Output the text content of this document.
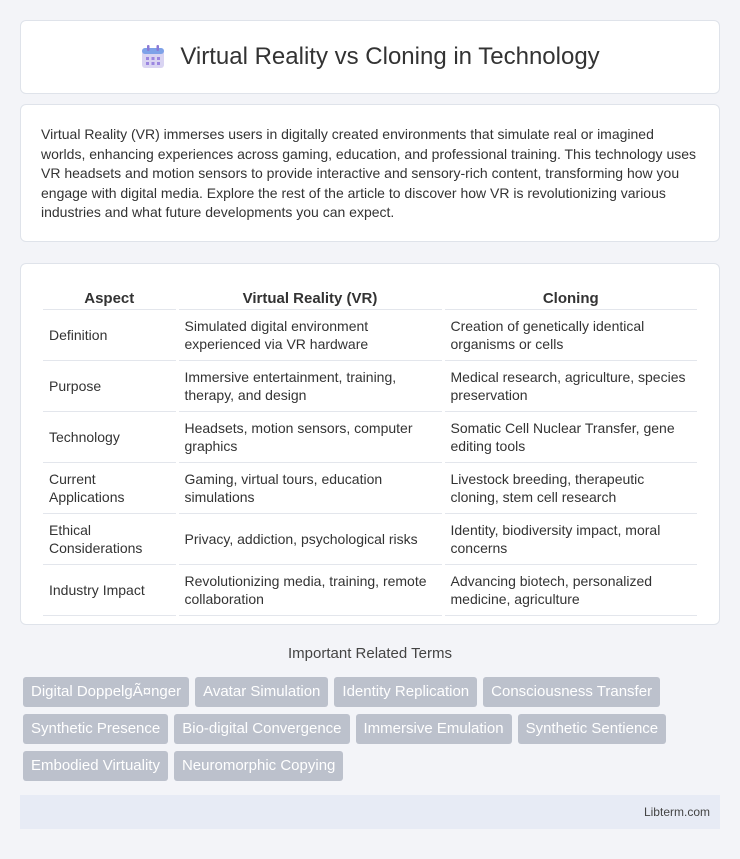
Virtual Reality vs Cloning in Technology

Virtual Reality (VR) immerses users in digitally created environments that simulate real or imagined worlds, enhancing experiences across gaming, education, and professional training. This technology uses VR headsets and motion sensors to provide interactive and sensory-rich content, transforming how you engage with digital media. Explore the rest of the article to discover how VR is revolutionizing various industries and what future developments you can expect.

Aspect	Virtual Reality (VR)	Cloning
Definition	Simulated digital environment experienced via VR hardware	Creation of genetically identical organisms or cells
Purpose	Immersive entertainment, training, therapy, and design	Medical research, agriculture, species preservation
Technology	Headsets, motion sensors, computer graphics	Somatic Cell Nuclear Transfer, gene editing tools
Current Applications	Gaming, virtual tours, education simulations	Livestock breeding, therapeutic cloning, stem cell research
Ethical Considerations	Privacy, addiction, psychological risks	Identity, biodiversity impact, moral concerns
Industry Impact	Revolutionizing media, training, remote collaboration	Advancing biotech, personalized medicine, agriculture
Important Related Terms
Digital DoppelgÃ¤nger	Avatar Simulation	Identity Replication	Consciousness Transfer
Synthetic Presence	Bio-digital Convergence	Immersive Emulation	Synthetic Sentience
Embodied Virtuality	Neuromorphic Copying
Libterm.com
